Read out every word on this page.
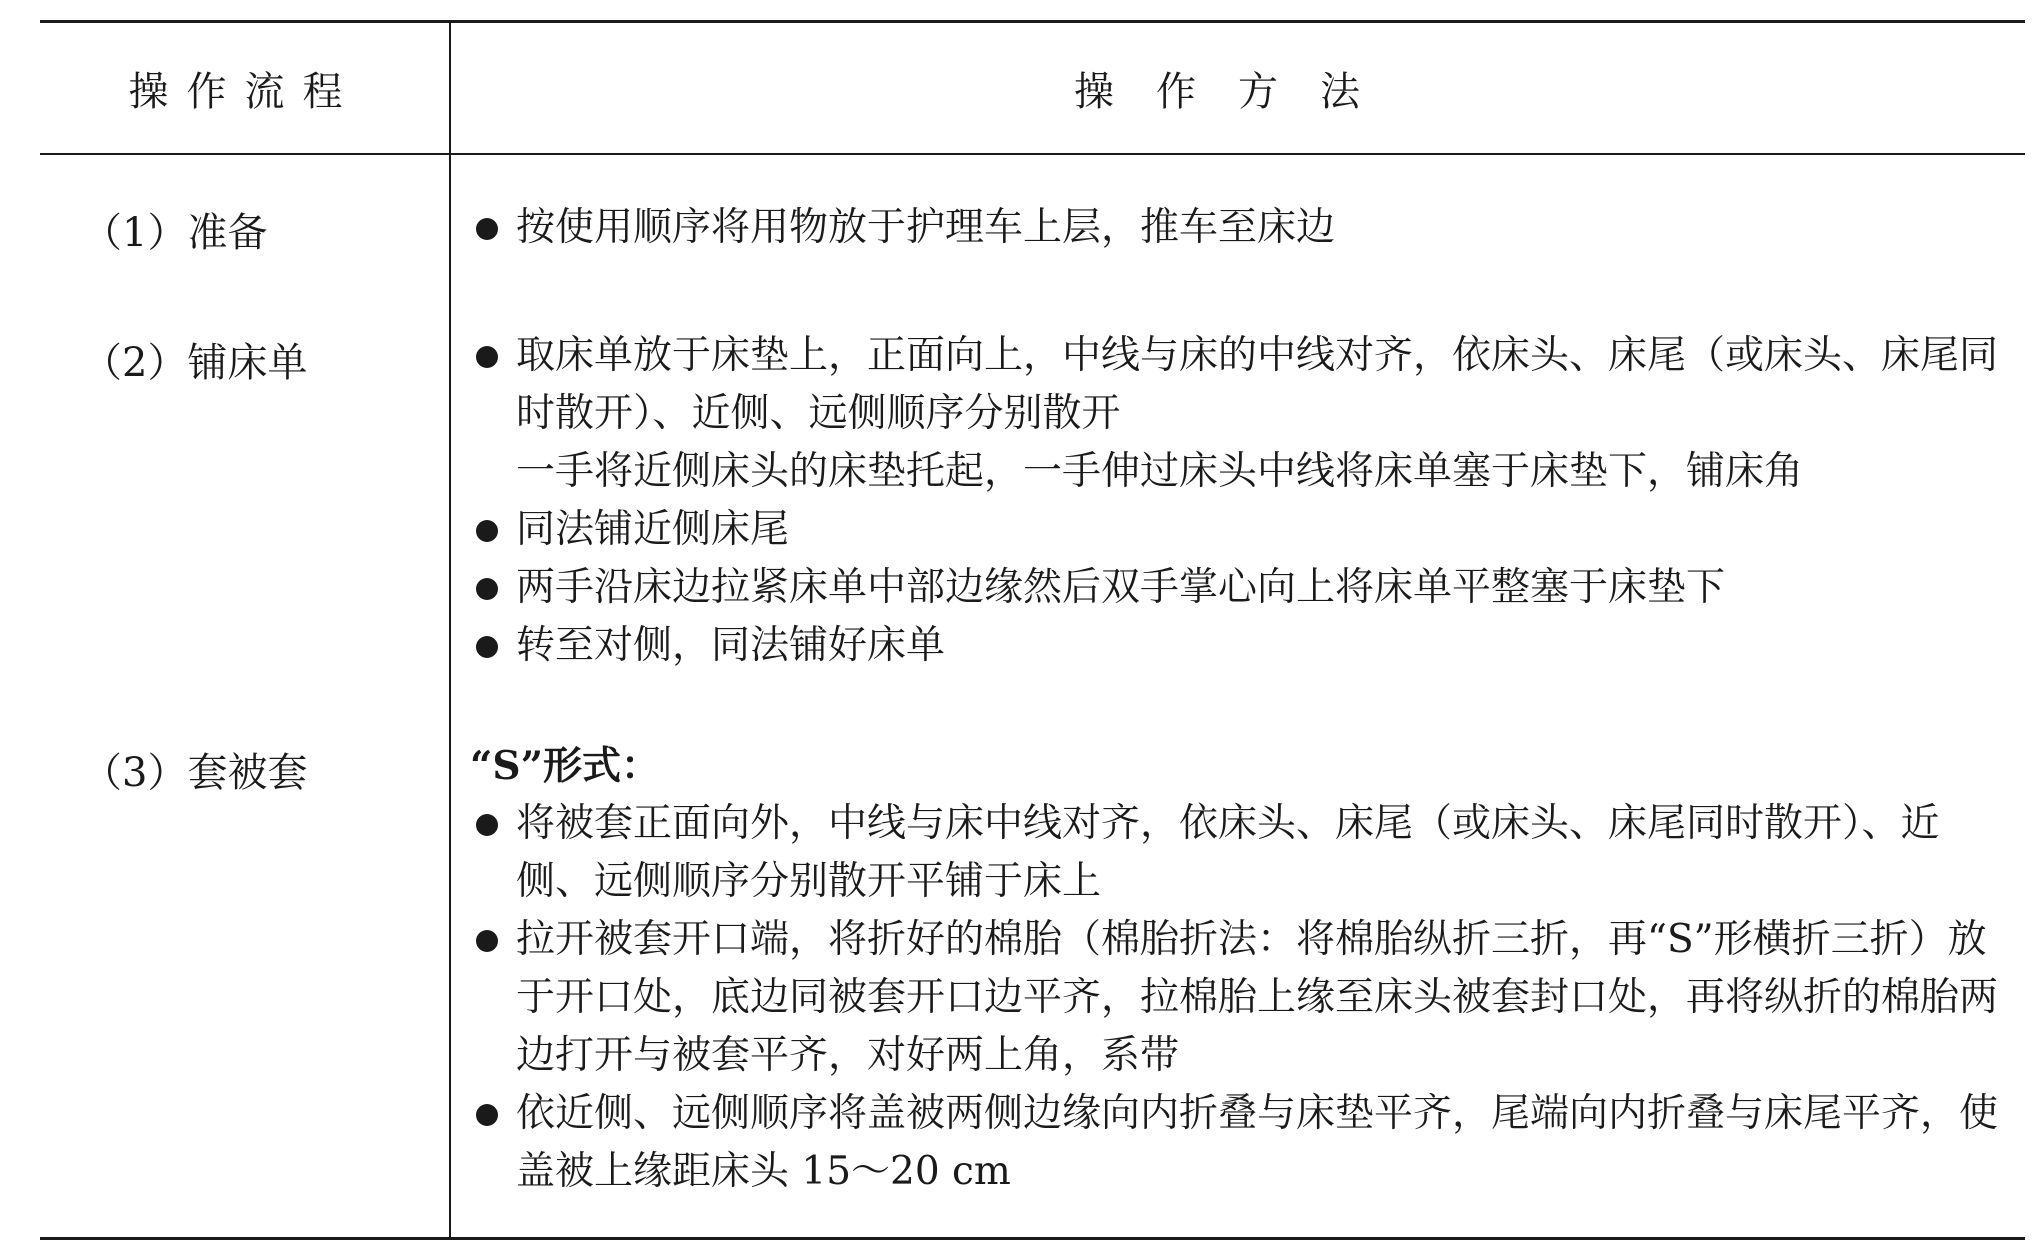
操作流程	操作方法
（1）准备	按使用顺序将用物放于护理车上层，推车至床边

（2）铺床单	取床单放于床垫上，正面向上，中线与床的中线对齐，依床头、床尾（或床头、床尾同时散开）、近侧、远侧顺序分别散开

一手将近侧床头的床垫托起，一手伸过床头中线将床单塞于床垫下，铺床角

同法铺近侧床尾

两手沿床边拉紧床单中部边缘然后双手掌心向上将床单平整塞于床垫下

转至对侧，同法铺好床单

（3）套被套	“S”形式：

将被套正面向外，中线与床中线对齐，依床头、床尾（或床头、床尾同时散开）、近侧、远侧顺序分别散开平铺于床上

拉开被套开口端，将折好的棉胎（棉胎折法：将棉胎纵折三折，再“S”形横折三折）放于开口处，底边同被套开口边平齐，拉棉胎上缘至床头被套封口处，再将纵折的棉胎两边打开与被套平齐，对好两上角，系带

依近侧、远侧顺序将盖被两侧边缘向内折叠与床垫平齐，尾端向内折叠与床尾平齐，使盖被上缘距床头 15～20 cm
